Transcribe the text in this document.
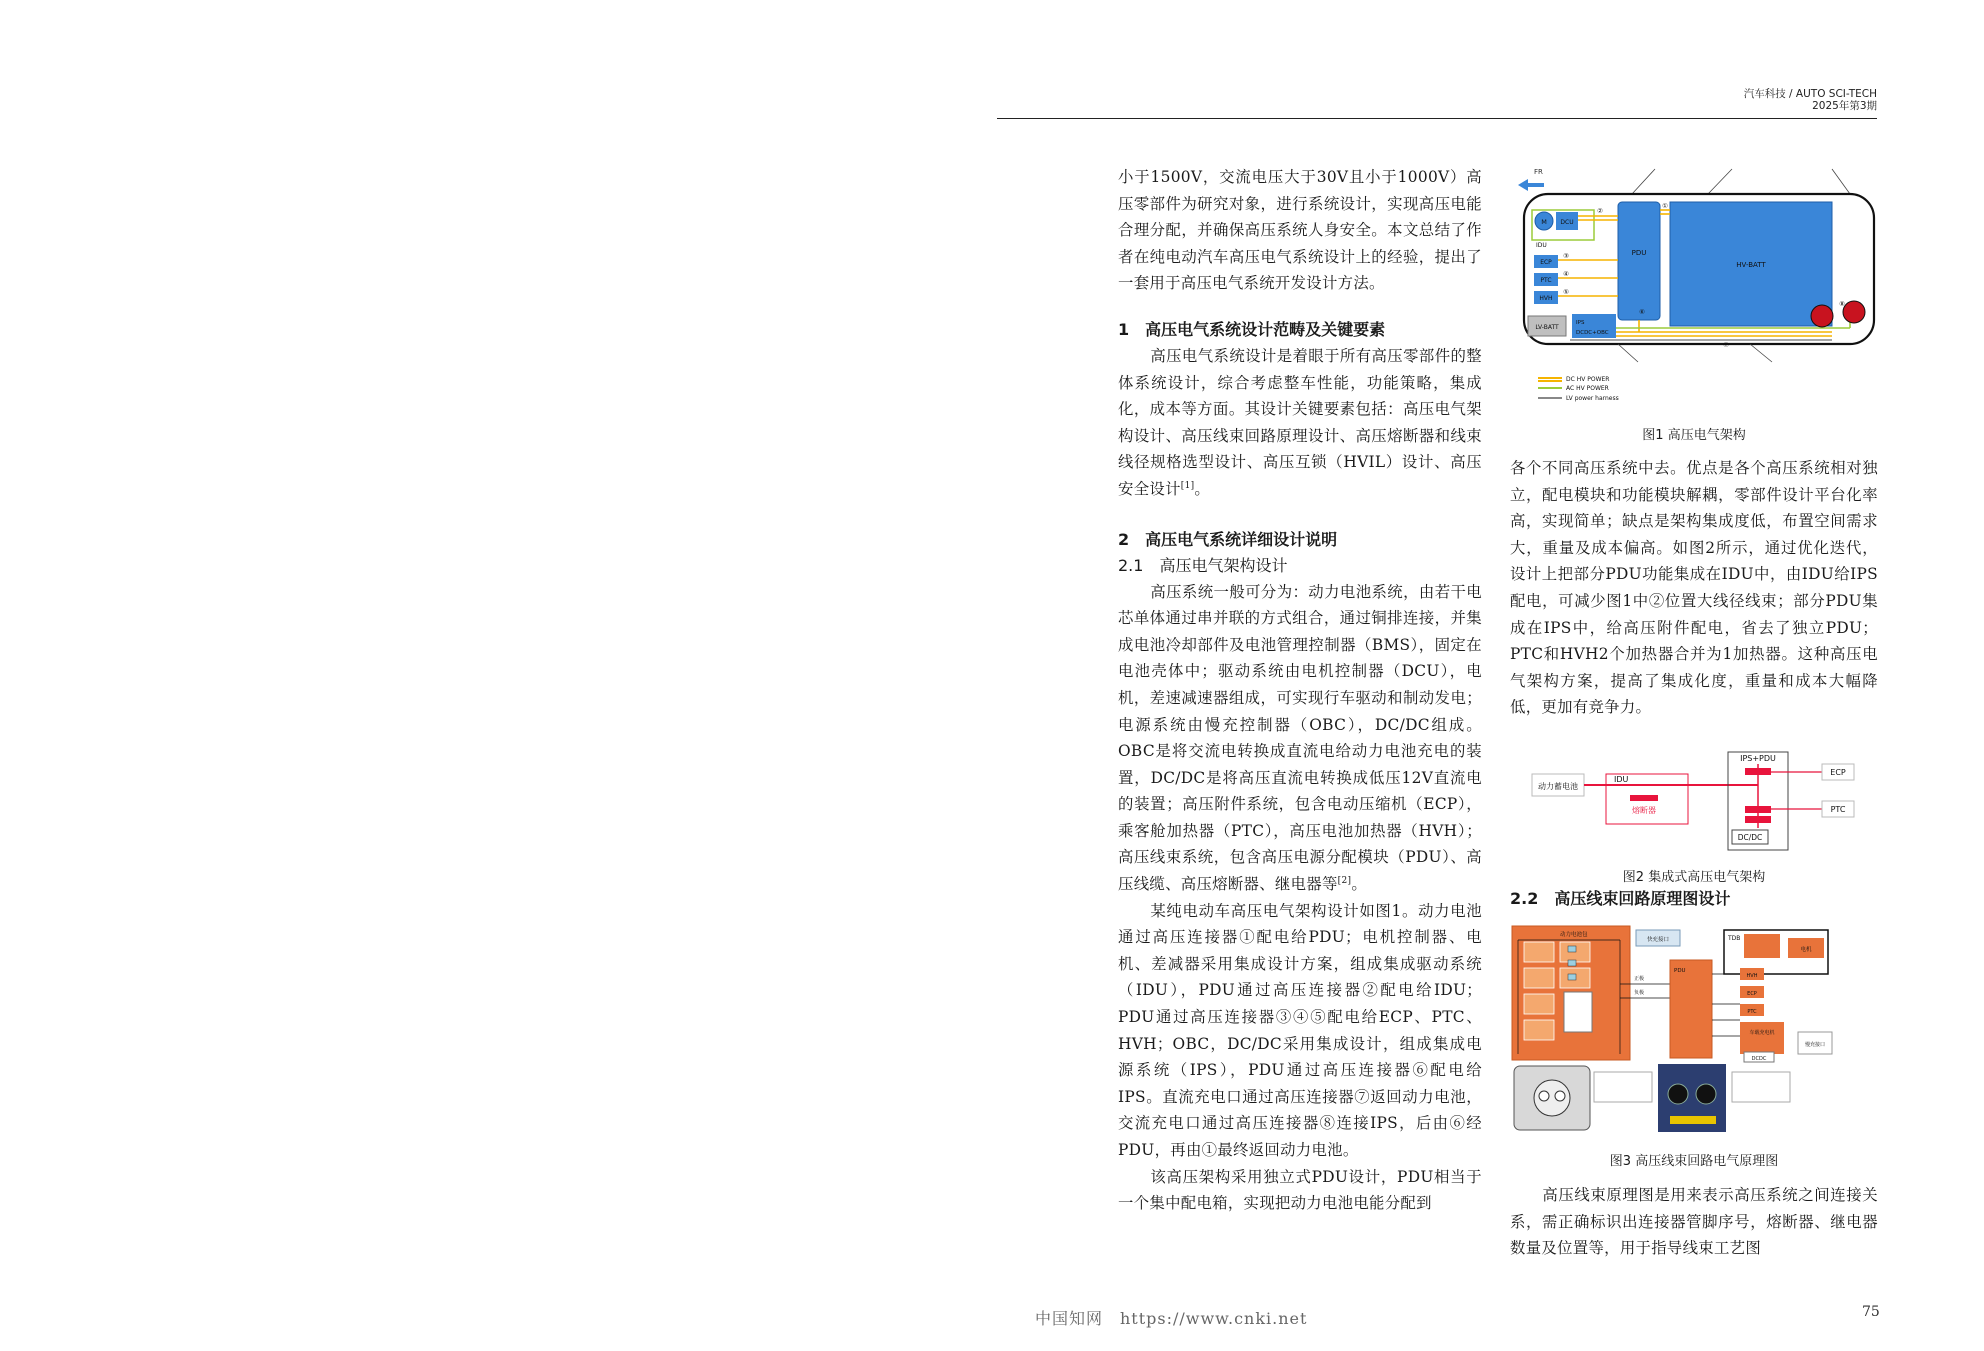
汽车科技 / AUTO SCI-TECH
2025年第3期

小于1500V，交流电压大于30V且小于1000V）高压零部件为研究对象，进行系统设计，实现高压电能合理分配，并确保高压系统人身安全。本文总结了作者在纯电动汽车高压电气系统设计上的经验，提出了一套用于高压电气系统开发设计方法。

1　高压电气系统设计范畴及关键要素

高压电气系统设计是着眼于所有高压零部件的整体系统设计，综合考虑整车性能，功能策略，集成化，成本等方面。其设计关键要素包括：高压电气架构设计、高压线束回路原理设计、高压熔断器和线束线径规格选型设计、高压互锁（HVIL）设计、高压安全设计[1]。

2　高压电气系统详细设计说明
2.1　高压电气架构设计

高压系统一般可分为：动力电池系统，由若干电芯单体通过串并联的方式组合，通过铜排连接，并集成电池冷却部件及电池管理控制器（BMS），固定在电池壳体中；驱动系统由电机控制器（DCU），电机，差速减速器组成，可实现行车驱动和制动发电；电源系统由慢充控制器（OBC），DC/DC组成。OBC是将交流电转换成直流电给动力电池充电的装置，DC/DC是将高压直流电转换成低压12V直流电的装置；高压附件系统，包含电动压缩机（ECP），乘客舱加热器（PTC），高压电池加热器（HVH）；高压线束系统，包含高压电源分配模块（PDU）、高压线缆、高压熔断器、继电器等[2]。

某纯电动车高压电气架构设计如图1。动力电池通过高压连接器①配电给PDU；电机控制器、电机、差减器采用集成设计方案，组成集成驱动系统（IDU），PDU通过高压连接器②配电给IDU；PDU通过高压连接器③④⑤配电给ECP、PTC、HVH；OBC，DC/DC采用集成设计，组成集成电源系统（IPS），PDU通过高压连接器⑥配电给IPS。直流充电口通过高压连接器⑦返回动力电池，交流充电口通过高压连接器⑧连接IPS，后由⑥经PDU，再由①最终返回动力电池。

该高压架构采用独立式PDU设计，PDU相当于一个集中配电箱，实现把动力电池电能分配到

FR
HV-BATT
PDU
M DCU
IDU
ECP
PTC
HVH
IPS
DCDC+OBC
LV-BATT
①
②
③
④
⑤
⑥
⑦
⑧
DC HV POWER
AC HV POWER
LV power harness
图1 高压电气架构

各个不同高压系统中去。优点是各个高压系统相对独立，配电模块和功能模块解耦，零部件设计平台化率高，实现简单；缺点是架构集成度低，布置空间需求大，重量及成本偏高。如图2所示，通过优化迭代，设计上把部分PDU功能集成在IDU中，由IDU给IPS配电，可减少图1中②位置大线径线束；部分PDU集成在IPS中，给高压附件配电，省去了独立PDU；PTC和HVH2个加热器合并为1加热器。这种高压电气架构方案，提高了集成化度，重量和成本大幅降低，更加有竞争力。

动力蓄电池
IDU
熔断器
IPS+PDU
DC/DC
ECP
PTC
图2 集成式高压电气架构
2.2　高压线束回路原理图设计
动力电池包
快充接口
正极
负极
PDU
TDB
电机
HVH
ECP
PTC
车载充电机
DCDC
慢充接口
图3 高压线束回路电气原理图

高压线束原理图是用来表示高压系统之间连接关系，需正确标识出连接器管脚序号，熔断器、继电器数量及位置等，用于指导线束工艺图

中国知网　https://www.cnki.net	75
